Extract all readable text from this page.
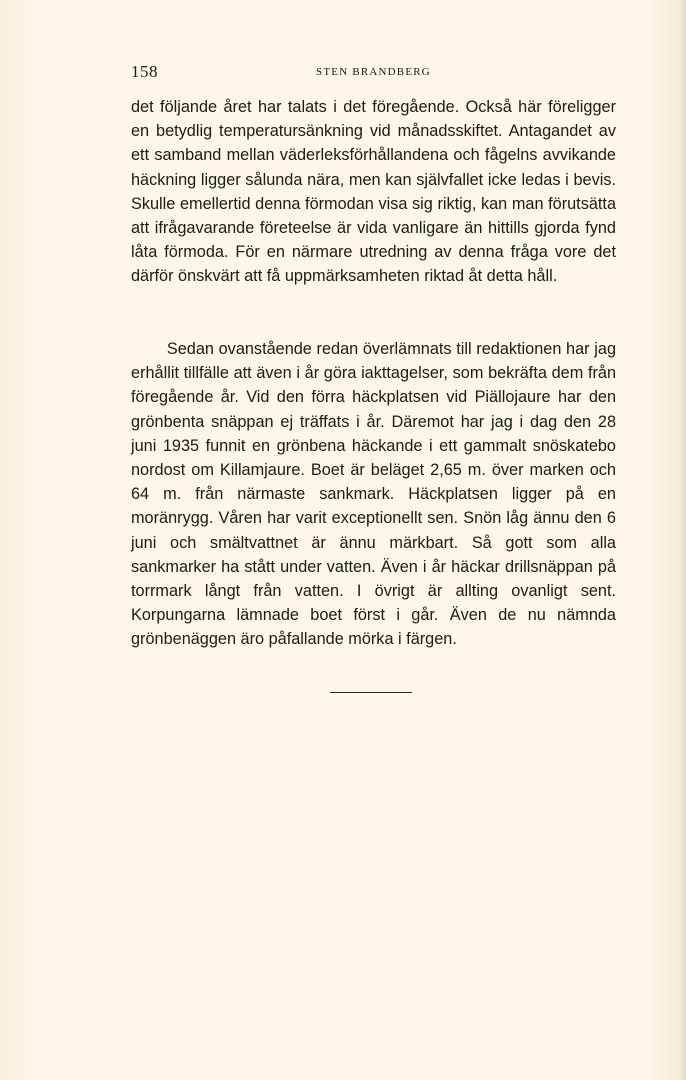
158	STEN BRANDBERG

det följande året har talats i det föregående. Också här föreligger en betydlig temperatursänkning vid månadsskiftet. Antagandet av ett samband mellan väderleksförhållandena och fågelns avvikande häckning ligger sålunda nära, men kan självfallet icke ledas i bevis. Skulle emellertid denna förmodan visa sig riktig, kan man förutsätta att ifrågavarande företeelse är vida vanligare än hittills gjorda fynd låta förmoda. För en närmare utredning av denna fråga vore det därför önskvärt att få uppmärksamheten riktad åt detta håll.

Sedan ovanstående redan överlämnats till redaktionen har jag erhållit tillfälle att även i år göra iakttagelser, som bekräfta dem från föregående år. Vid den förra häckplatsen vid Piällojaure har den grönbenta snäppan ej träffats i år. Däremot har jag i dag den 28 juni 1935 funnit en grönbena häckande i ett gammalt snöskatebo nordost om Killamjaure. Boet är beläget 2,65 m. över marken och 64 m. från närmaste sankmark. Häckplatsen ligger på en moränrygg. Våren har varit exceptionellt sen. Snön låg ännu den 6 juni och smältvattnet är ännu märkbart. Så gott som alla sankmarker ha stått under vatten. Även i år häckar drillsnäppan på torrmark långt från vatten. I övrigt är allting ovanligt sent. Korpungarna lämnade boet först i går. Även de nu nämnda grönbenäggen äro påfallande mörka i färgen.
